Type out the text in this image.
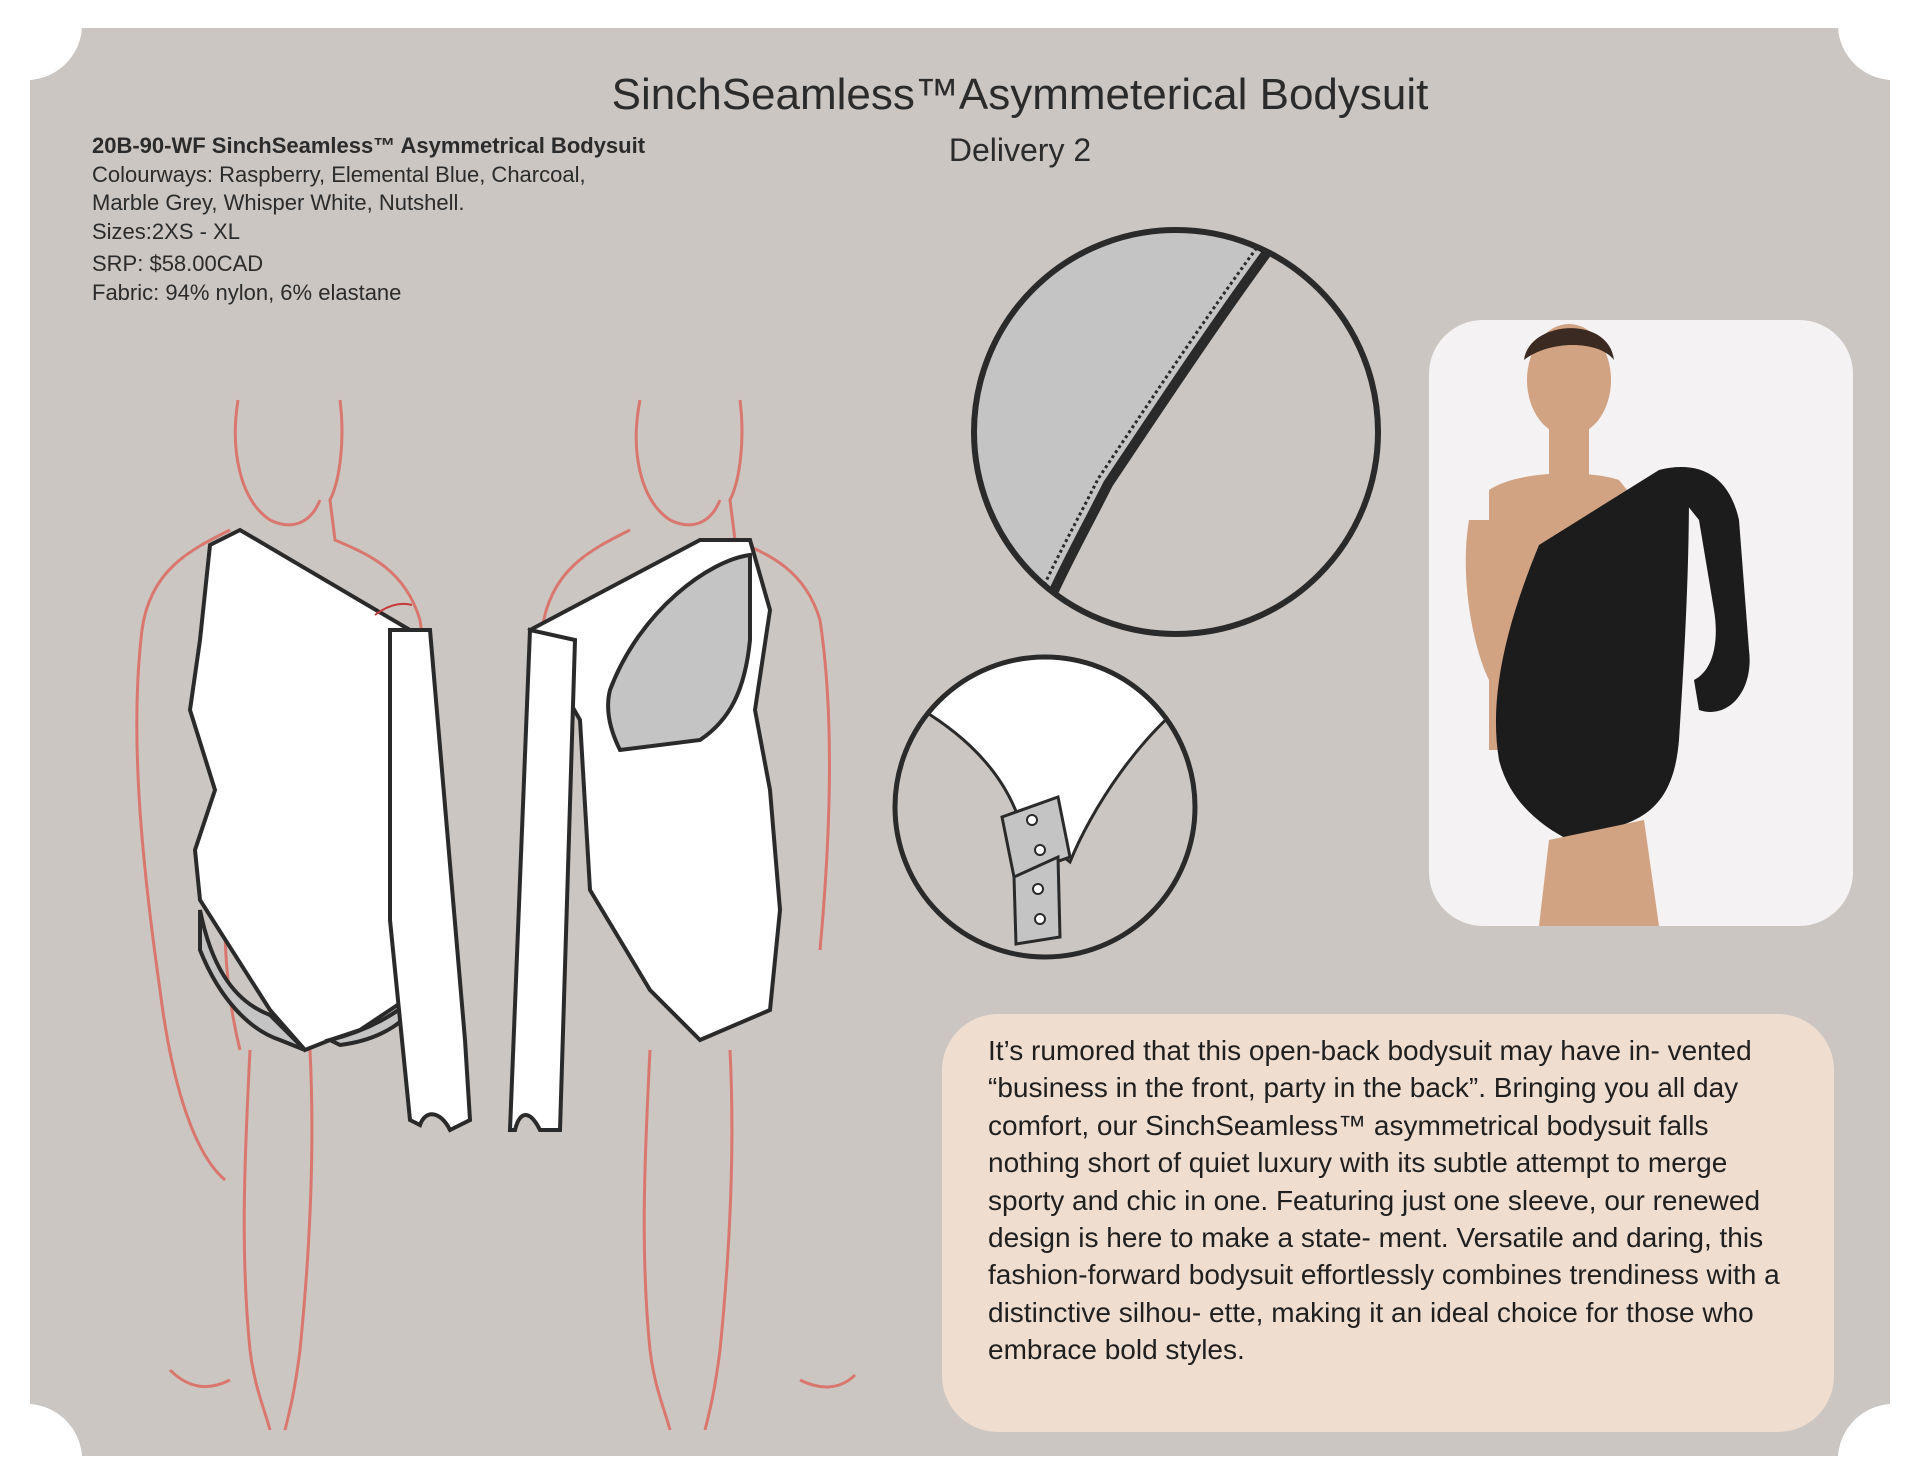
SinchSeamless™Asymmeterical Bodysuit
Delivery 2
20B-90-WF SinchSeamless™ Asymmetrical Bodysuit
Colourways: Raspberry, Elemental Blue, Charcoal,
Marble Grey, Whisper White, Nutshell.
Sizes:2XS - XL
SRP: $58.00CAD
Fabric: 94% nylon, 6% elastane

It’s rumored that this open-back bodysuit may have in- vented “business in the front, party in the back”. Bringing you all day comfort, our SinchSeamless™ asymmetrical bodysuit falls nothing short of quiet luxury with its subtle attempt to merge sporty and chic in one. Featuring just one sleeve, our renewed design is here to make a state- ment. Versatile and daring, this fashion-forward bodysuit effortlessly combines trendiness with a distinctive silhou- ette, making it an ideal choice for those who embrace bold styles.
